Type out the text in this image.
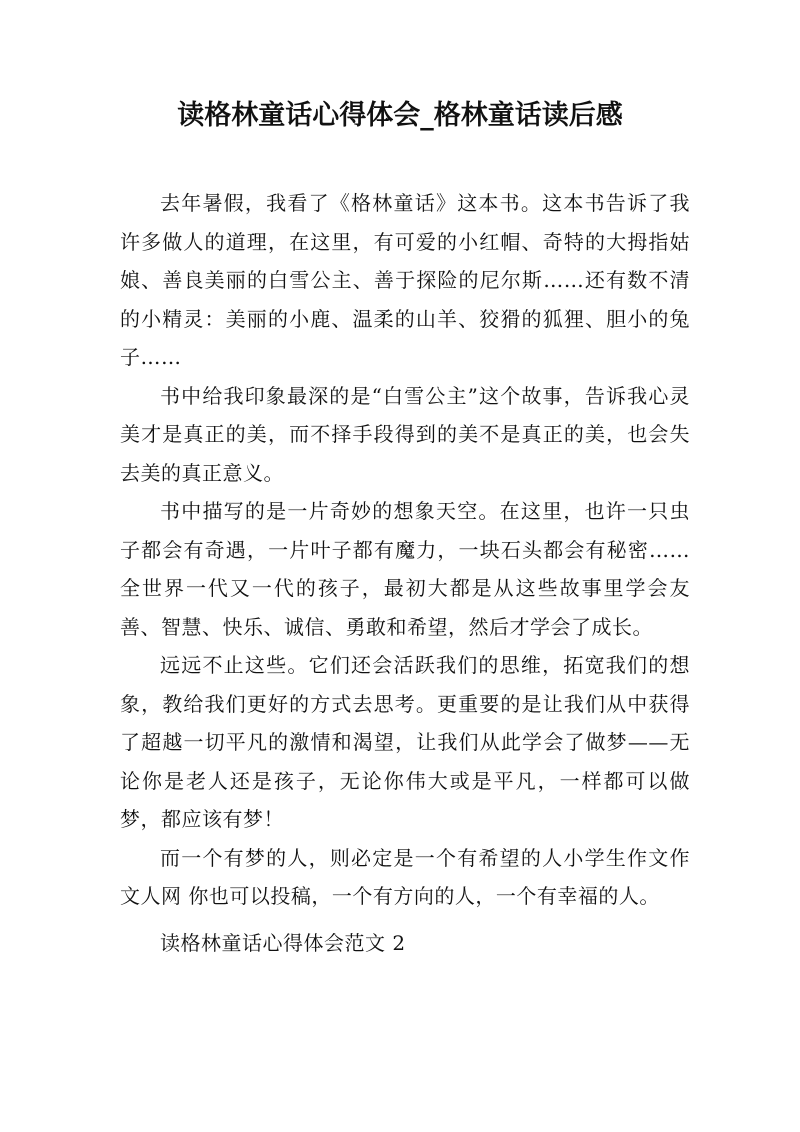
读格林童话心得体会_格林童话读后感

去年暑假，我看了《格林童话》这本书。这本书告诉了我许多做人的道理，在这里，有可爱的小红帽、奇特的大拇指姑娘、善良美丽的白雪公主、善于探险的尼尔斯……还有数不清的小精灵：美丽的小鹿、温柔的山羊、狡猾的狐狸、胆小的兔子……

书中给我印象最深的是“白雪公主”这个故事，告诉我心灵美才是真正的美，而不择手段得到的美不是真正的美，也会失去美的真正意义。

书中描写的是一片奇妙的想象天空。在这里，也许一只虫子都会有奇遇，一片叶子都有魔力，一块石头都会有秘密……全世界一代又一代的孩子，最初大都是从这些故事里学会友善、智慧、快乐、诚信、勇敢和希望，然后才学会了成长。

远远不止这些。它们还会活跃我们的思维，拓宽我们的想象，教给我们更好的方式去思考。更重要的是让我们从中获得了超越一切平凡的激情和渴望，让我们从此学会了做梦——无论你是老人还是孩子，无论你伟大或是平凡，一样都可以做梦，都应该有梦！

而一个有梦的人，则必定是一个有希望的人小学生作文作文人网 你也可以投稿，一个有方向的人，一个有幸福的人。

读格林童话心得体会范文 2
